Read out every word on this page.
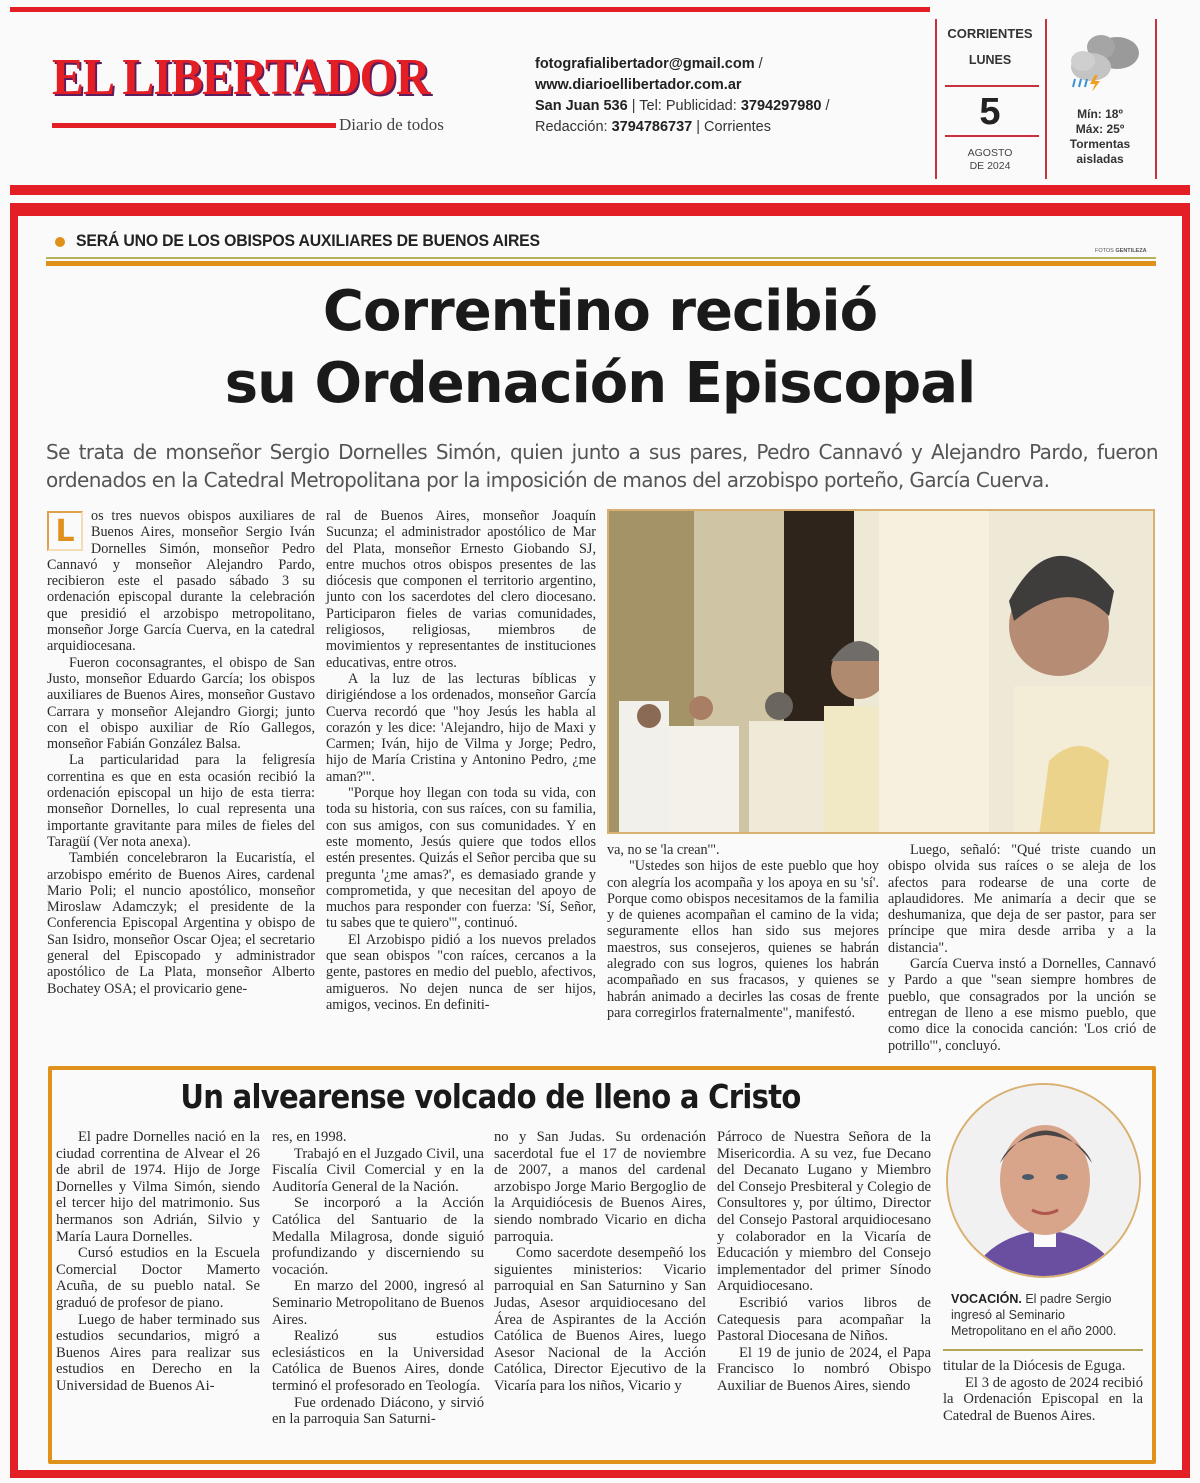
EL LIBERTADOR
Diario de todos
fotografialibertador@gmail.com /
www.diarioellibertador.com.ar
San Juan 536 | Tel: Publicidad: 3794297980 /
Redacción: 3794786737 | Corrientes
CORRIENTES
LUNES
5
AGOSTO
DE 2024
Mín: 18º
Máx: 25º
Tormentas
aisladas
SERÁ UNO DE LOS OBISPOS AUXILIARES DE BUENOS AIRES
FOTOS GENTILEZA
Correntino recibió
su Ordenación Episcopal
Se trata de monseñor Sergio Dornelles Simón, quien junto a sus pares, Pedro Cannavó y Alejandro Pardo, fueron
ordenados en la Catedral Metropolitana por la imposición de manos del arzobispo porteño, García Cuerva.

L	os tres nuevos obispos auxiliares de Buenos Aires, monseñor Sergio Iván Dornelles Simón, monseñor Pedro Cannavó y monseñor Alejandro Pardo, recibieron este el pasado sábado 3 su ordenación episcopal durante la celebración que presidió el arzobispo metropolitano, monseñor Jorge García Cuerva, en la catedral arquidiocesana.

Fueron coconsagrantes, el obispo de San Justo, monseñor Eduardo García; los obispos auxiliares de Buenos Aires, monseñor Gustavo Carrara y monseñor Alejandro Giorgi; junto con el obispo auxiliar de Río Gallegos, monseñor Fabián González Balsa.

La particularidad para la feligresía correntina es que en esta ocasión recibió la ordenación episcopal un hijo de esta tierra: monseñor Dornelles, lo cual representa una importante gravitante para miles de fieles del Taragüí (Ver nota anexa).

También concelebraron la Eucaristía, el arzobispo emérito de Buenos Aires, cardenal Mario Poli; el nuncio apostólico, monseñor Miroslaw Adamczyk; el presidente de la Conferencia Episcopal Argentina y obispo de San Isidro, monseñor Oscar Ojea; el secretario general del Episcopado y administrador apostólico de La Plata, monseñor Alberto Bochatey OSA; el provicario gene-

ral de Buenos Aires, monseñor Joaquín Sucunza; el administrador apostólico de Mar del Plata, monseñor Ernesto Giobando SJ, entre muchos otros obispos presentes de las diócesis que componen el territorio argentino, junto con los sacerdotes del clero diocesano. Participaron fieles de varias comunidades, religiosos, religiosas, miembros de movimientos y representantes de instituciones educativas, entre otros.

A la luz de las lecturas bíblicas y dirigiéndose a los ordenados, monseñor García Cuerva recordó que "hoy Jesús les habla al corazón y les dice: 'Alejandro, hijo de Maxi y Carmen; Iván, hijo de Vilma y Jorge; Pedro, hijo de María Cristina y Antonino Pedro, ¿me aman?'".

"Porque hoy llegan con toda su vida, con toda su historia, con sus raíces, con su familia, con sus amigos, con sus comunidades. Y en este momento, Jesús quiere que todos ellos estén presentes. Quizás el Señor perciba que su pregunta '¿me amas?', es demasiado grande y comprometida, y que necesitan del apoyo de muchos para responder con fuerza: 'Sí, Señor, tu sabes que te quiero'", continuó.

El Arzobispo pidió a los nuevos prelados que sean obispos "con raíces, cercanos a la gente, pastores en medio del pueblo, afectivos, amigueros. No dejen nunca de ser hijos, amigos, vecinos. En definiti-

va, no se 'la crean'".

"Ustedes son hijos de este pueblo que hoy con alegría los acompaña y los apoya en su 'sí'. Porque como obispos necesitamos de la familia y de quienes acompañan el camino de la vida; seguramente ellos han sido sus mejores maestros, sus consejeros, quienes se habrán alegrado con sus logros, quienes los habrán acompañado en sus fracasos, y quienes se habrán animado a decirles las cosas de frente para corregirlos fraternalmente", manifestó.

Luego, señaló: "Qué triste cuando un obispo olvida sus raíces o se aleja de los afectos para rodearse de una corte de aplaudidores. Me animaría a decir que se deshumaniza, que deja de ser pastor, para ser príncipe que mira desde arriba y a la distancia".

García Cuerva instó a Dornelles, Cannavó y Pardo a que "sean siempre hombres de pueblo, que consagrados por la unción se entregan de lleno a ese mismo pueblo, que como dice la conocida canción: 'Los crió de potrillo'", concluyó.

Un alvearense volcado de lleno a Cristo

El padre Dornelles nació en la ciudad correntina de Alvear el 26 de abril de 1974. Hijo de Jorge Dornelles y Vilma Simón, siendo el tercer hijo del matrimonio. Sus hermanos son Adrián, Silvio y María Laura Dornelles.

Cursó estudios en la Escuela Comercial Doctor Mamerto Acuña, de su pueblo natal. Se graduó de profesor de piano.

Luego de haber terminado sus estudios secundarios, migró a Buenos Aires para realizar sus estudios en Derecho en la Universidad de Buenos Ai-

res, en 1998.

Trabajó en el Juzgado Civil, una Fiscalía Civil Comercial y en la Auditoría General de la Nación.

Se incorporó a la Acción Católica del Santuario de la Medalla Milagrosa, donde siguió profundizando y discerniendo su vocación.

En marzo del 2000, ingresó al Seminario Metropolitano de Buenos Aires.

Realizó sus estudios eclesiásticos en la Universidad Católica de Buenos Aires, donde terminó el profesorado en Teología.

Fue ordenado Diácono, y sirvió en la parroquia San Saturni-

no y San Judas. Su ordenación sacerdotal fue el 17 de noviembre de 2007, a manos del cardenal arzobispo Jorge Mario Bergoglio de la Arquidiócesis de Buenos Aires, siendo nombrado Vicario en dicha parroquia.

Como sacerdote desempeñó los siguientes ministerios: Vicario parroquial en San Saturnino y San Judas, Asesor arquidiocesano del Área de Aspirantes de la Acción Católica de Buenos Aires, luego Asesor Nacional de la Acción Católica, Director Ejecutivo de la Vicaría para los niños, Vicario y

Párroco de Nuestra Señora de la Misericordia. A su vez, fue Decano del Decanato Lugano y Miembro del Consejo Presbiteral y Colegio de Consultores y, por último, Director del Consejo Pastoral arquidiocesano y colaborador en la Vicaría de Educación y miembro del Consejo implementador del primer Sínodo Arquidiocesano.

Escribió varios libros de Catequesis para acompañar la Pastoral Diocesana de Niños.

El 19 de junio de 2024, el Papa Francisco lo nombró Obispo Auxiliar de Buenos Aires, siendo

VOCACIÓN. El padre Sergio ingresó al Seminario Metropolitano en el año 2000.

titular de la Diócesis de Eguga.

El 3 de agosto de 2024 recibió la Ordenación Episcopal en la Catedral de Buenos Aires.
